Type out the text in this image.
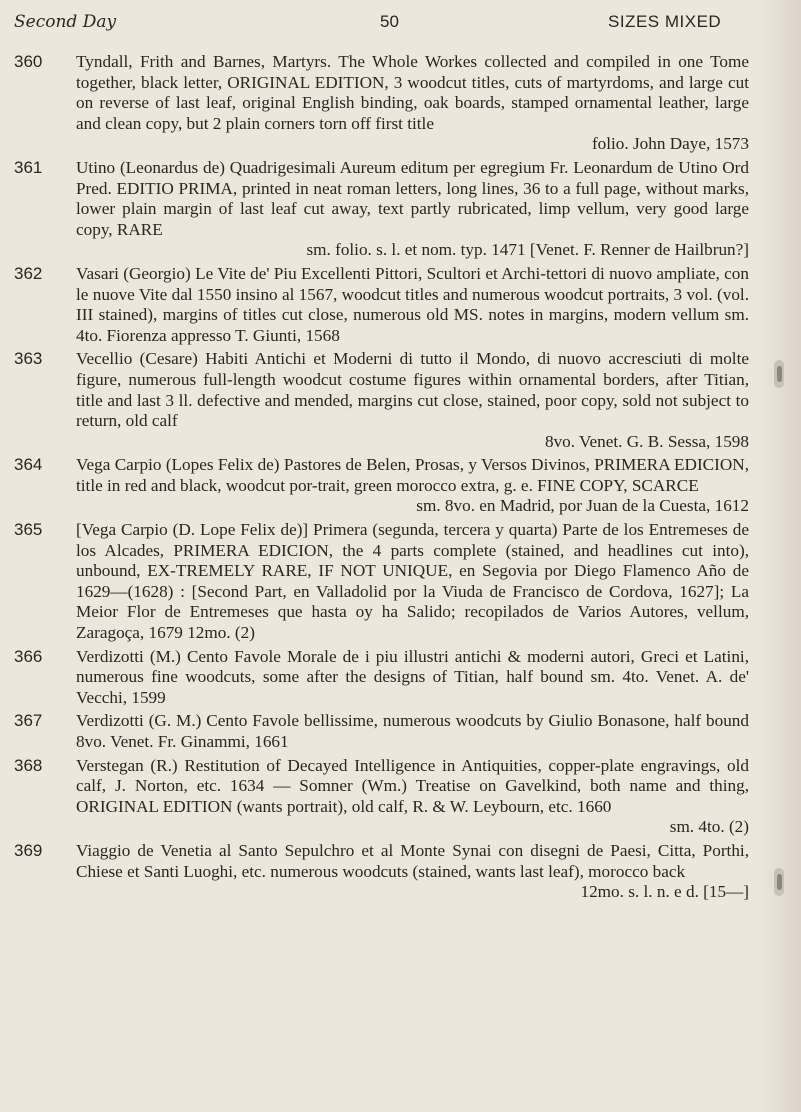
Second Day	50	SIZES MIXED
360	Tyndall, Frith and Barnes, Martyrs. The Whole Workes collected and compiled in one Tome together, black letter, ORIGINAL EDITION, 3 woodcut titles, cuts of martyrdoms, and large cut on reverse of last leaf, original English binding, oak boards, stamped ornamental leather, large and clean copy, but 2 plain corners torn off first title
folio. John Daye, 1573
361	Utino (Leonardus de) Quadrigesimali Aureum editum per egregium Fr. Leonardum de Utino Ord Pred. EDITIO PRIMA, printed in neat roman letters, long lines, 36 to a full page, without marks, lower plain margin of last leaf cut away, text partly rubricated, limp vellum, very good large copy, RARE
sm. folio. s. l. et nom. typ. 1471 [Venet. F. Renner de Hailbrun?]
362	Vasari (Georgio) Le Vite de' Piu Excellenti Pittori, Scultori et Archi-tettori di nuovo ampliate, con le nuove Vite dal 1550 insino al 1567, woodcut titles and numerous woodcut portraits, 3 vol. (vol. III stained), margins of titles cut close, numerous old MS. notes in margins, modern vellum sm. 4to. Fiorenza appresso T. Giunti, 1568
363	Vecellio (Cesare) Habiti Antichi et Moderni di tutto il Mondo, di nuovo accresciuti di molte figure, numerous full-length woodcut costume figures within ornamental borders, after Titian, title and last 3 ll. defective and mended, margins cut close, stained, poor copy, sold not subject to return, old calf
8vo. Venet. G. B. Sessa, 1598
364	Vega Carpio (Lopes Felix de) Pastores de Belen, Prosas, y Versos Divinos, PRIMERA EDICION, title in red and black, woodcut por-trait, green morocco extra, g. e. FINE COPY, SCARCE
sm. 8vo. en Madrid, por Juan de la Cuesta, 1612
365	[Vega Carpio (D. Lope Felix de)] Primera (segunda, tercera y quarta) Parte de los Entremeses de los Alcades, PRIMERA EDICION, the 4 parts complete (stained, and headlines cut into), unbound, EX-TREMELY RARE, IF NOT UNIQUE, en Segovia por Diego Flamenco Año de 1629—(1628) : [Second Part, en Valladolid por la Viuda de Francisco de Cordova, 1627]; La Meior Flor de Entremeses que hasta oy ha Salido; recopilados de Varios Autores, vellum, Zaragoça, 1679 12mo. (2)
366	Verdizotti (M.) Cento Favole Morale de i piu illustri antichi & moderni autori, Greci et Latini, numerous fine woodcuts, some after the designs of Titian, half bound sm. 4to. Venet. A. de' Vecchi, 1599
367	Verdizotti (G. M.) Cento Favole bellissime, numerous woodcuts by Giulio Bonasone, half bound 8vo. Venet. Fr. Ginammi, 1661
368	Verstegan (R.) Restitution of Decayed Intelligence in Antiquities, copper-plate engravings, old calf, J. Norton, etc. 1634 — Somner (Wm.) Treatise on Gavelkind, both name and thing, ORIGINAL EDITION (wants portrait), old calf, R. & W. Leybourn, etc. 1660
sm. 4to. (2)
369	Viaggio de Venetia al Santo Sepulchro et al Monte Synai con disegni de Paesi, Citta, Porthi, Chiese et Santi Luoghi, etc. numerous woodcuts (stained, wants last leaf), morocco back
12mo. s. l. n. e d. [15—]
